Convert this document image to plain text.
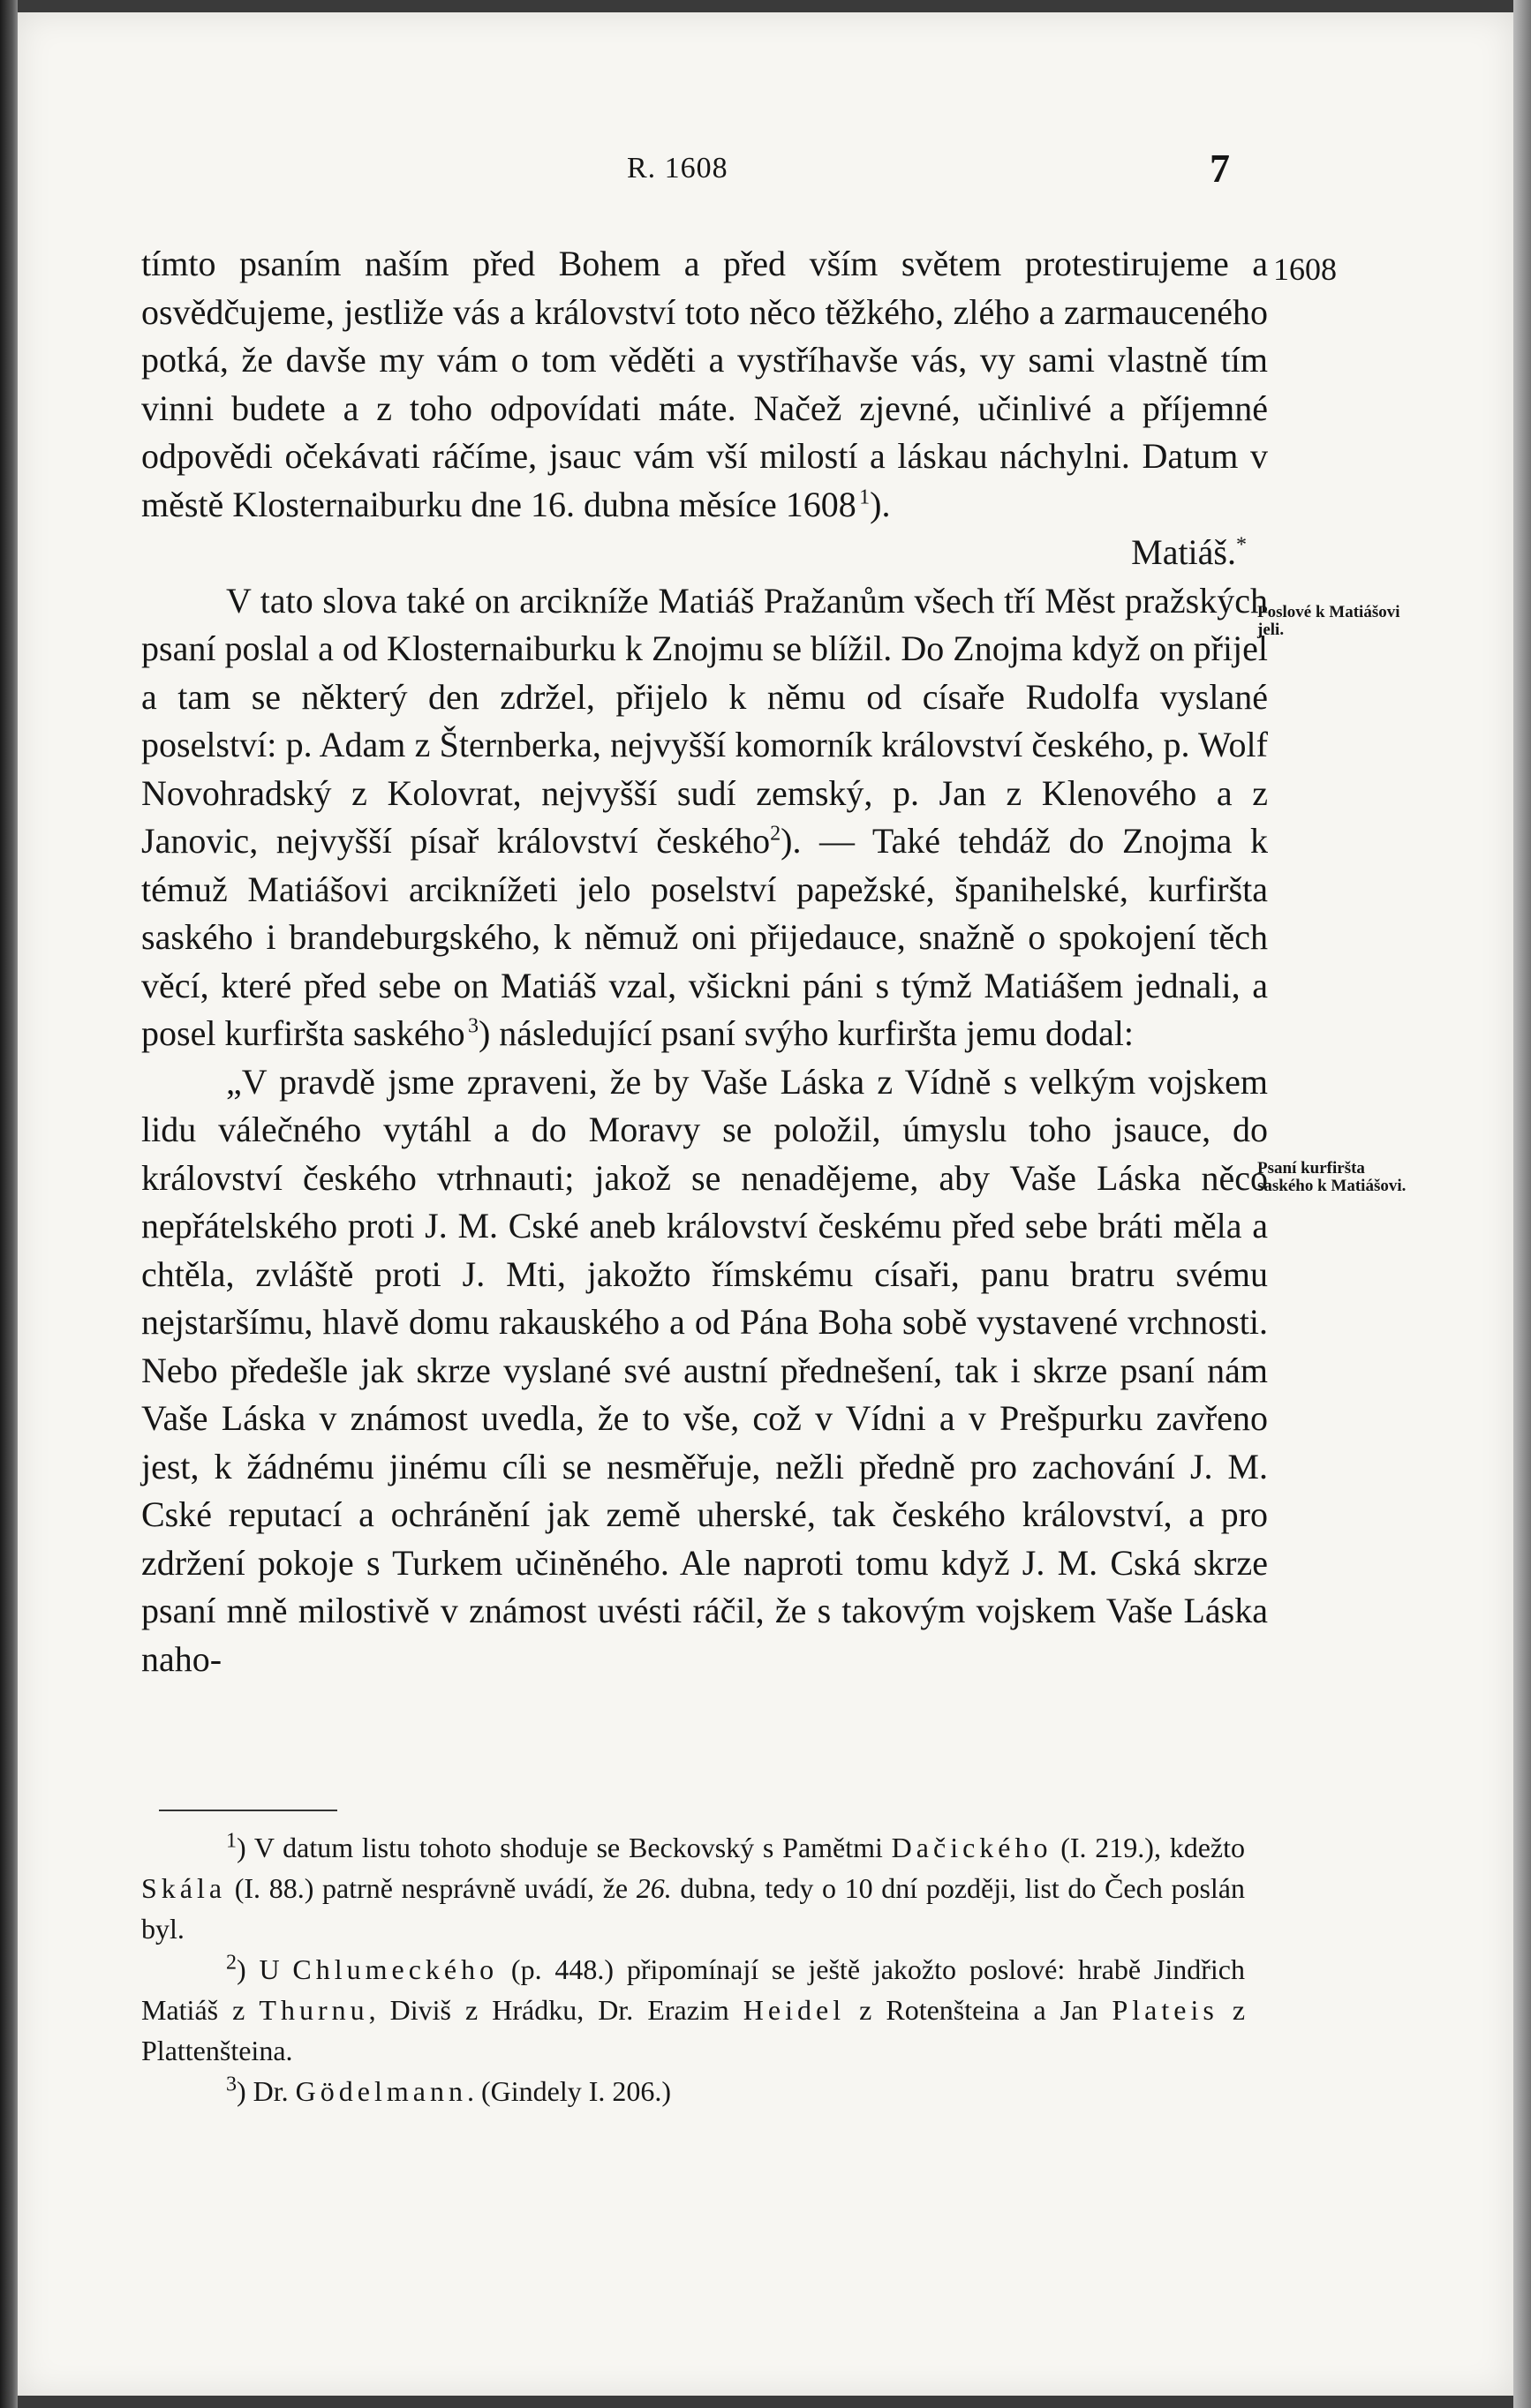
R. 1608	7
1608
Poslové k Matiášovi jeli.
Psaní kurfiršta saského k Matiášovi.

tímto psaním naším před Bohem a před vším světem protestirujeme a osvědčujeme, jestliže vás a království toto něco těžkého, zlého a zarmauceného potká, že davše my vám o tom věděti a vystříhavše vás, vy sami vlastně tím vinni budete a z toho odpovídati máte. Načež zjevné, učinlivé a příjemné odpovědi očekávati ráčíme, jsauc vám vší milostí a láskau náchylni. Datum v městě Klosternaiburku dne 16. dubna měsíce 1608  $^1$).

Matiáš.*

V tato slova také on arcikníže Matiáš Pražanům všech tří Měst pražských psaní poslal a od Klosternaiburku k Znojmu se blížil. Do Znojma když on přijel a tam se některý den zdržel, přijelo k němu od císaře Rudolfa vyslané poselství: p. Adam z Šternberka, nejvyšší komorník království českého, p. Wolf Novohradský z Kolovrat, nejvyšší sudí zemský, p. Jan z Klenového a z Janovic, nejvyšší písař království českého$^2$). — Také tehdáž do Znojma k témuž Matiášovi arciknížeti jelo poselství papežské, španihelské, kurfiršta saského i brandeburgského, k němuž oni přijedauce, snažně o spokojení těch věcí, které před sebe on Matiáš vzal, všickni páni s týmž Matiášem jednali, a posel kurfiršta saského  $^3$) následující psaní svýho kurfiršta jemu dodal:

„V pravdě jsme zpraveni, že by Vaše Láska z Vídně s velkým vojskem lidu válečného vytáhl a do Moravy se položil, úmyslu toho jsauce, do království českého vtrhnauti; jakož se nenadějeme, aby Vaše Láska něco nepřátelského proti J. M. Cské aneb království českému před sebe bráti měla a chtěla, zvláště proti J. Mti, jakožto římskému císaři, panu bratru svému nejstaršímu, hlavě domu rakauského a od Pána Boha sobě vystavené vrchnosti. Nebo předešle jak skrze vyslané své austní přednešení, tak i skrze psaní nám Vaše Láska v známost uvedla, že to vše, což v Vídni a v Prešpurku zavřeno jest, k žádnému jinému cíli se nesměřuje, nežli předně pro zachování J. M. Cské reputací a ochránění jak země uherské, tak českého království, a pro zdržení pokoje s Turkem učiněného. Ale naproti tomu když J. M. Cská skrze psaní mně milostivě v známost uvésti ráčil, že s takovým vojskem Vaše Láska naho-

$^1$) V datum listu tohoto shoduje se Beckovský s Pamětmi Dačického (I. 219.), kdežto Skála (I. 88.) patrně nesprávně uvádí, že 26. dubna, tedy o 10 dní později, list do Čech poslán byl.

$^2$) U Chlumeckého (p. 448.) připomínají se ještě jakožto poslové: hrabě Jindřich Matiáš z Thurnu, Diviš z Hrádku, Dr. Erazim Heidel z Rotenšteina a Jan Plateis z Plattenšteina.

$^3$) Dr. Gödelmann. (Gindely I. 206.)
